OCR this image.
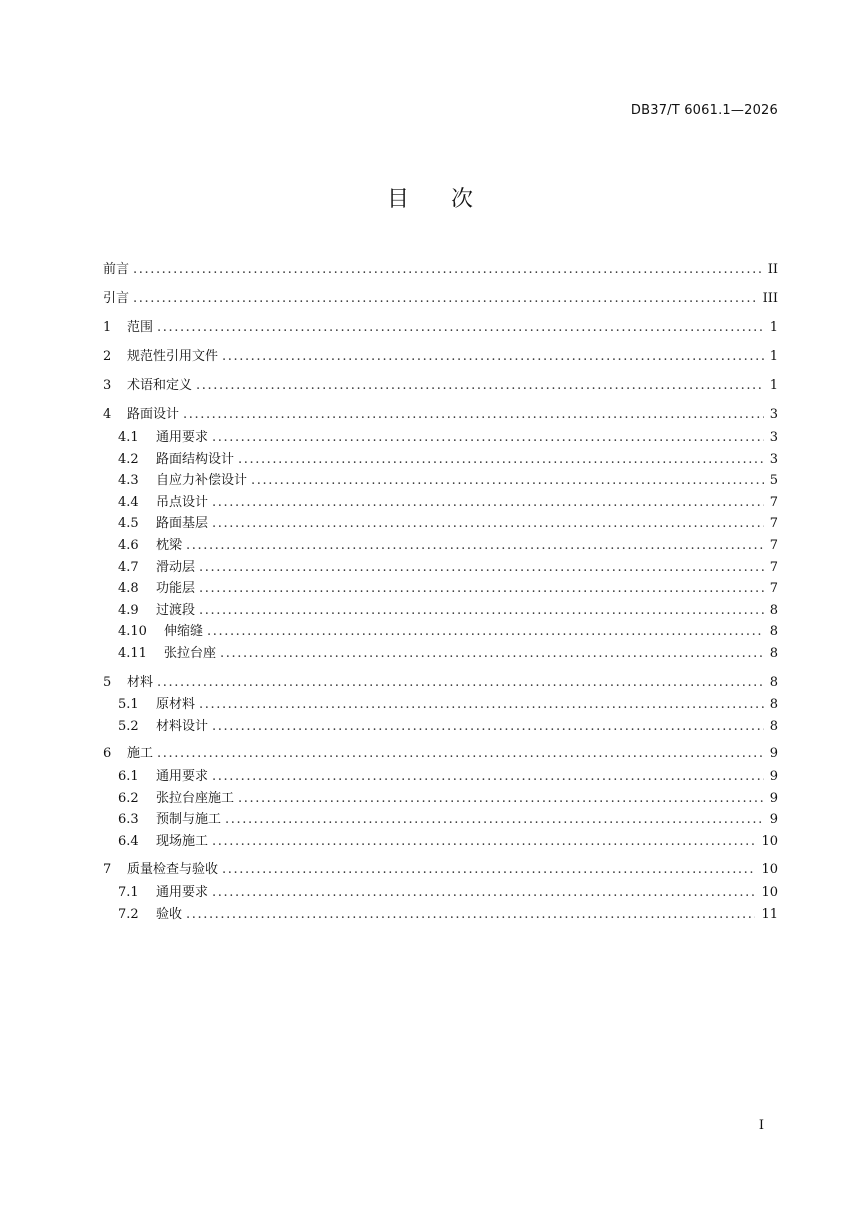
DB37/T 6061.1—2026
目 次
前言 .....	II
引言 .....	III
1	范围 .....	1
2	规范性引用文件 .....	1
3	术语和定义 .....	1
4	路面设计 .....	3
4.1	通用要求 .....	3
4.2	路面结构设计 .....	3
4.3	自应力补偿设计 .....	5
4.4	吊点设计 .....	7
4.5	路面基层 .....	7
4.6	枕梁 .....	7
4.7	滑动层 .....	7
4.8	功能层 .....	7
4.9	过渡段 .....	8
4.10	伸缩缝 .....	8
4.11	张拉台座 .....	8
5	材料 .....	8
5.1	原材料 .....	8
5.2	材料设计 .....	8
6	施工 .....	9
6.1	通用要求 .....	9
6.2	张拉台座施工 .....	9
6.3	预制与施工 .....	9
6.4	现场施工 .....	10
7	质量检查与验收 .....	10
7.1	通用要求 .....	10
7.2	验收 .....	11
I
